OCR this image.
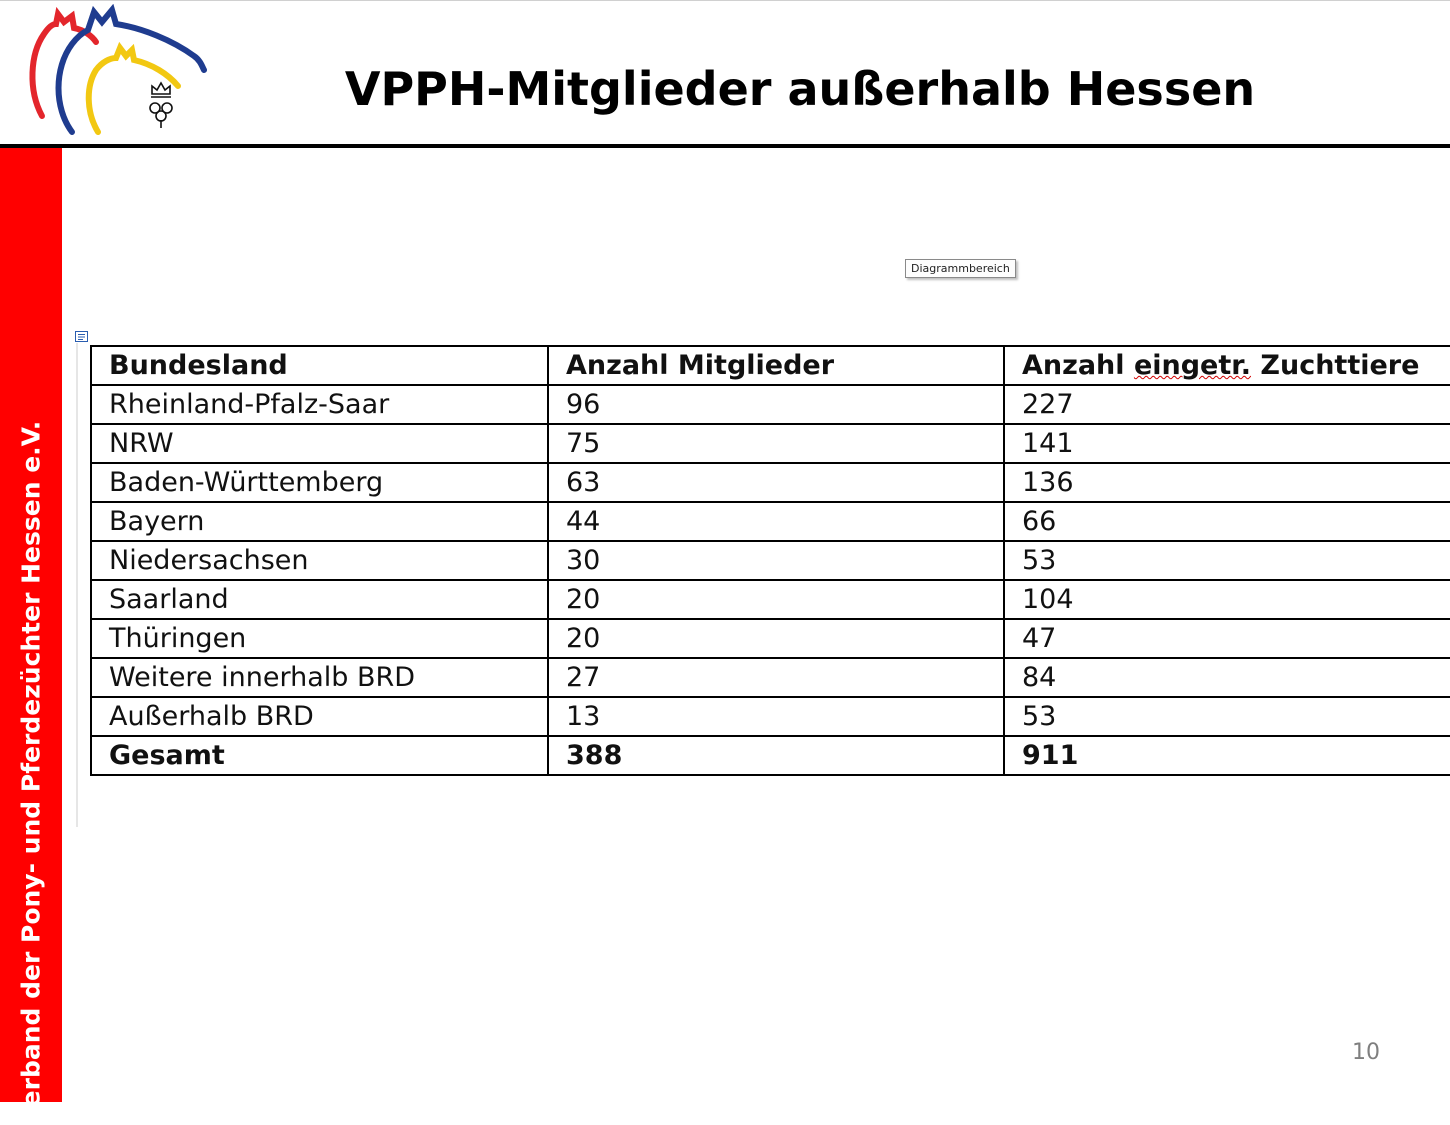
VPPH-Mitglieder außerhalb Hessen
Verband der Pony- und Pferdezüchter Hessen e.V.
Diagrammbereich
Bundesland	Anzahl Mitglieder	Anzahl eingetr. Zuchttiere
Rheinland-Pfalz-Saar	96	227
NRW	75	141
Baden-Württemberg	63	136
Bayern	44	66
Niedersachsen	30	53
Saarland	20	104
Thüringen	20	47
Weitere innerhalb BRD	27	84
Außerhalb BRD	13	53
Gesamt	388	911
10
